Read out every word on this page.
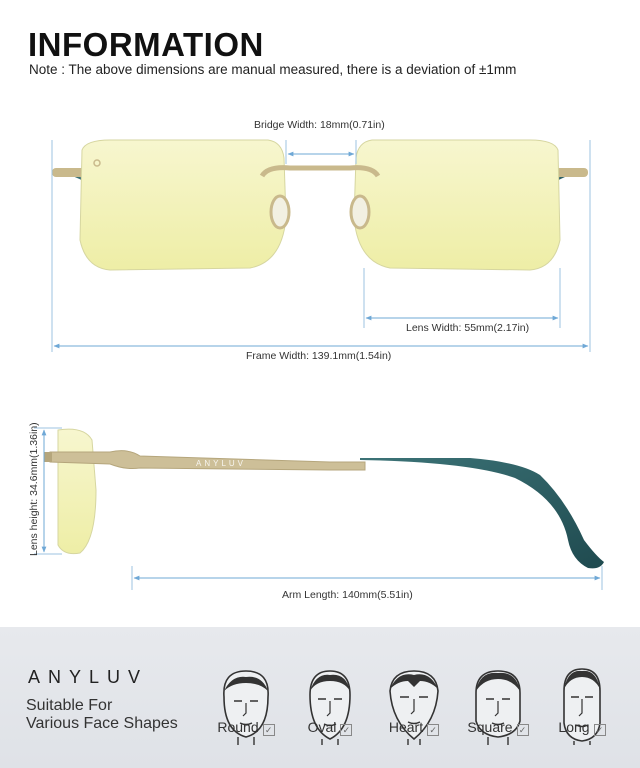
INFORMATION
Note : The above dimensions are manual measured, there is a deviation of ±1mm
ANYLUV
Bridge Width: 18mm(0.71in)
Lens Width: 55mm(2.17in)
Frame Width: 139.1mm(1.54in)
Lens height: 34.6mm(1.36in)
Arm Length: 140mm(5.51in)
ANYLUV
Suitable For
Various Face Shapes	Round ✓	Oval ✓	Heart ✓	Square ✓	Long ✓
